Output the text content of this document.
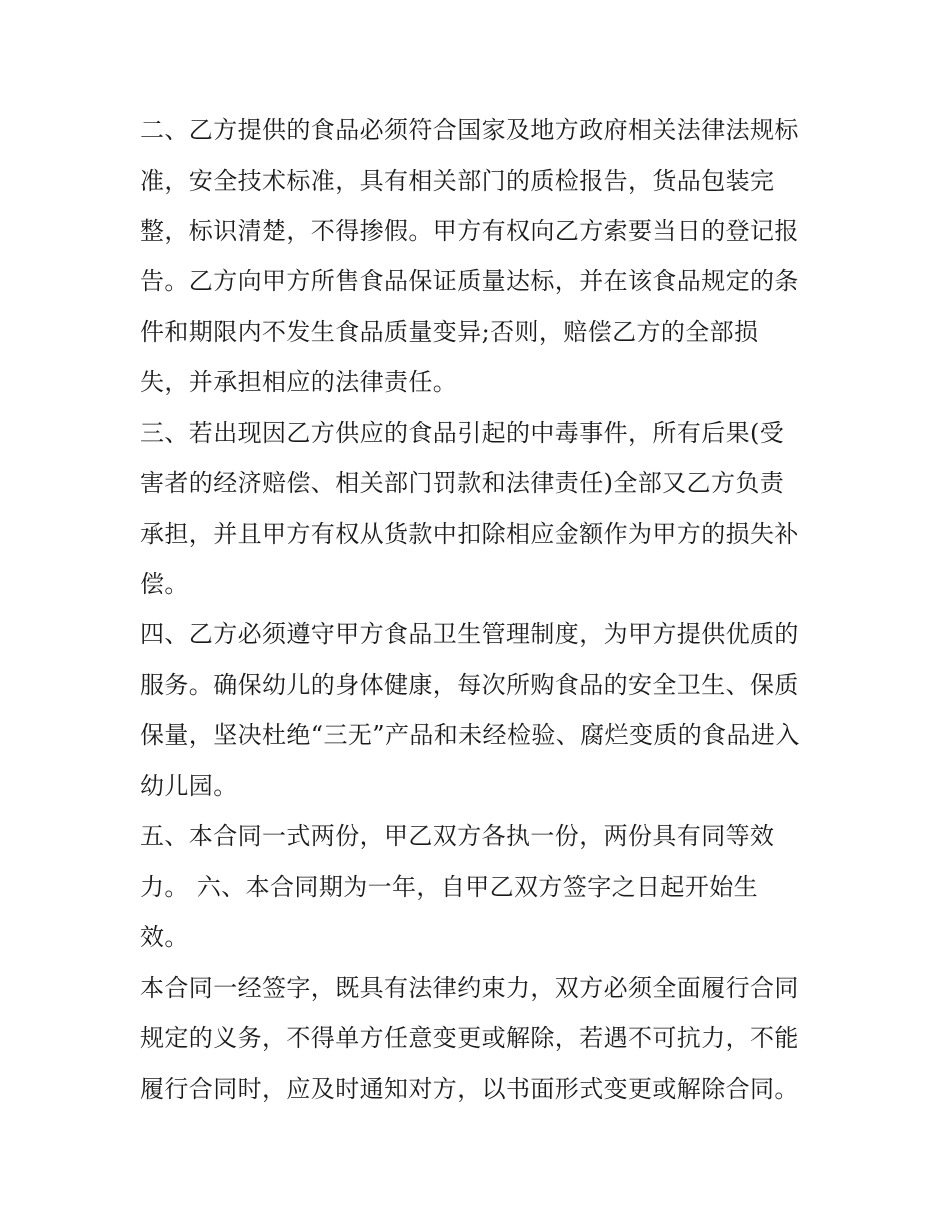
二、乙方提供的食品必须符合国家及地方政府相关法律法规标
准，安全技术标准，具有相关部门的质检报告，货品包装完
整，标识清楚，不得掺假。甲方有权向乙方索要当日的登记报
告。乙方向甲方所售食品保证质量达标，并在该食品规定的条
件和期限内不发生食品质量变异;否则，赔偿乙方的全部损
失，并承担相应的法律责任。
三、若出现因乙方供应的食品引起的中毒事件，所有后果(受
害者的经济赔偿、相关部门罚款和法律责任)全部又乙方负责
承担，并且甲方有权从货款中扣除相应金额作为甲方的损失补
偿。
四、乙方必须遵守甲方食品卫生管理制度，为甲方提供优质的
服务。确保幼儿的身体健康，每次所购食品的安全卫生、保质
保量，坚决杜绝“三无”产品和未经检验、腐烂变质的食品进入
幼儿园。
五、本合同一式两份，甲乙双方各执一份，两份具有同等效
力。 六、本合同期为一年，自甲乙双方签字之日起开始生
效。
本合同一经签字，既具有法律约束力，双方必须全面履行合同
规定的义务，不得单方任意变更或解除，若遇不可抗力，不能
履行合同时，应及时通知对方，以书面形式变更或解除合同。
